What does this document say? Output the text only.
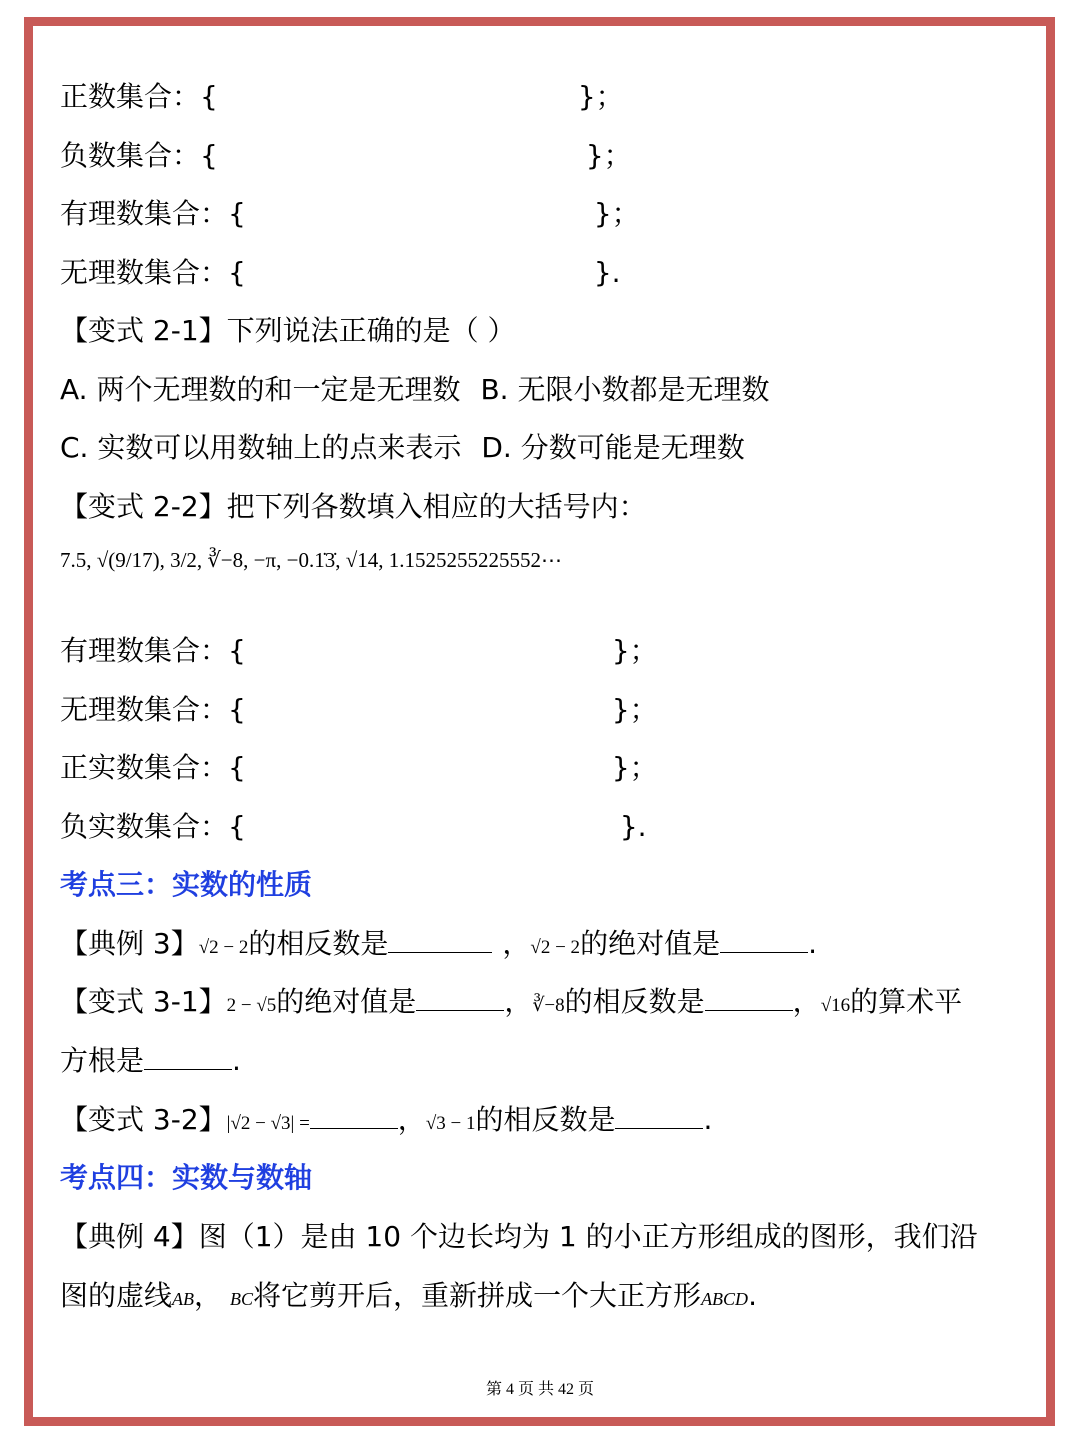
正数集合：{	}；
负数集合：{	}；
有理数集合：{	}；
无理数集合：{	}.
【变式 2-1】下列说法正确的是（ ）
A. 两个无理数的和一定是无理数 B. 无限小数都是无理数
C. 实数可以用数轴上的点来表示 D. 分数可能是无理数
【变式 2-2】把下列各数填入相应的大括号内：
7.5, √(9/17), 3/2, ∛−8, −π, −0.1̇3̇, √14, 1.1525255225552⋯
有理数集合：{	}；
无理数集合：{	}；
正实数集合：{	}；
负实数集合：{	}.
考点三：实数的性质
【典例 3】√2 − 2的相反数是	，√2 − 2的绝对值是	.
【变式 3-1】2 − √5的绝对值是	，∛−8的相反数是	，√16的算术平
方根是	.
【变式 3-2】|√2 − √3| =	，√3 − 1的相反数是	.
考点四：实数与数轴
【典例 4】图（1）是由 10 个边长均为 1 的小正方形组成的图形，我们沿
图的虚线AB， BC将它剪开后，重新拼成一个大正方形ABCD.
第 4 页 共 42 页
